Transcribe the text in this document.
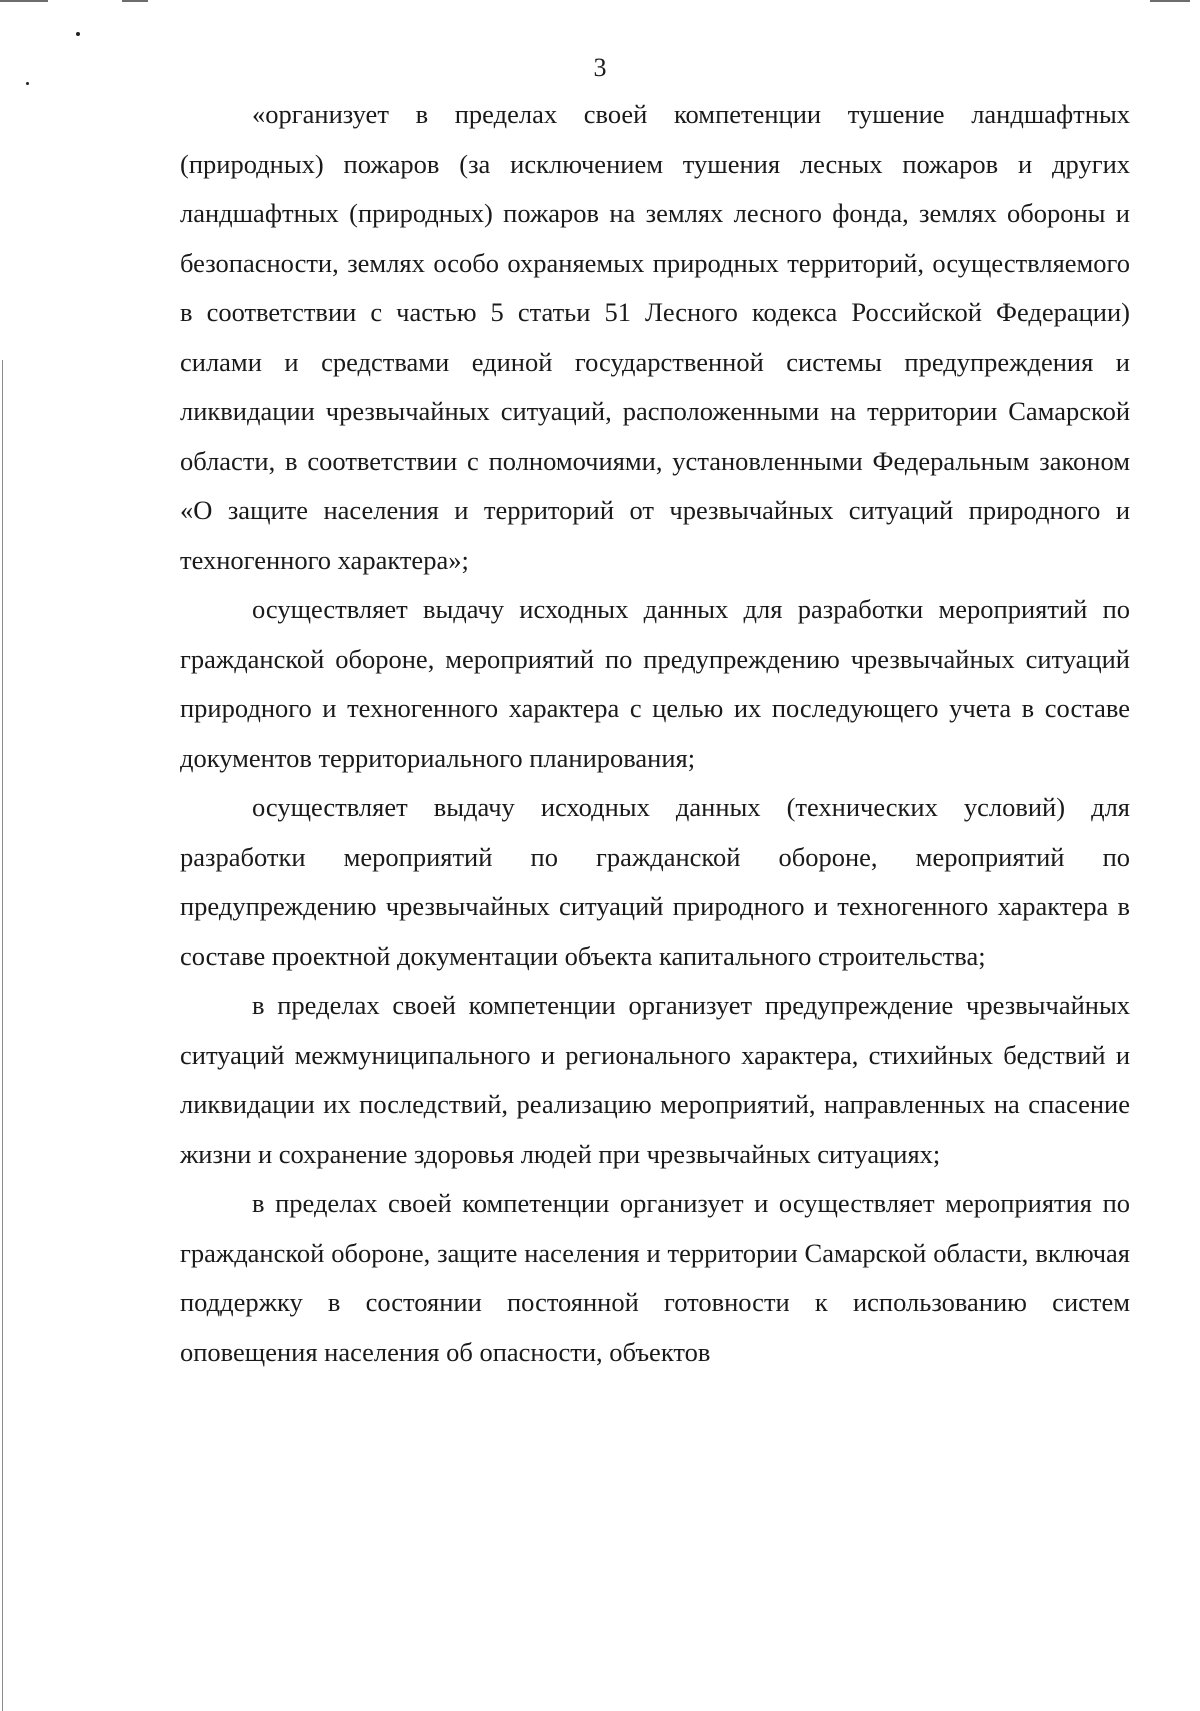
3

«организует в пределах своей компетенции тушение ландшафтных (природных) пожаров (за исключением тушения лесных пожаров и других ландшафтных (природных) пожаров на землях лесного фонда, землях обороны и безопасности, землях особо охраняемых природных территорий, осуществляемого в соответствии с частью 5 статьи 51 Лесного кодекса Российской Федерации) силами и средствами единой государственной системы предупреждения и ликвидации чрезвычайных ситуаций, расположенными на территории Самарской области, в соответствии с полномочиями, установленными Федеральным законом «О защите населения и территорий от чрезвычайных ситуаций природного и техногенного характера»;

осуществляет выдачу исходных данных для разработки мероприятий по гражданской обороне, мероприятий по предупреждению чрезвычайных ситуаций природного и техногенного характера с целью их последующего учета в составе документов территориального планирования;

осуществляет выдачу исходных данных (технических условий) для разработки мероприятий по гражданской обороне, мероприятий по предупреждению чрезвычайных ситуаций природного и техногенного характера в составе проектной документации объекта капитального строительства;

в пределах своей компетенции организует предупреждение чрезвычайных ситуаций межмуниципального и регионального характера, стихийных бедствий и ликвидации их последствий, реализацию мероприятий, направленных на спасение жизни и сохранение здоровья людей при чрезвычайных ситуациях;

в пределах своей компетенции организует и осуществляет мероприятия по гражданской обороне, защите населения и территории Самарской области, включая поддержку в состоянии постоянной готовности к использованию систем оповещения населения об опасности, объектов
